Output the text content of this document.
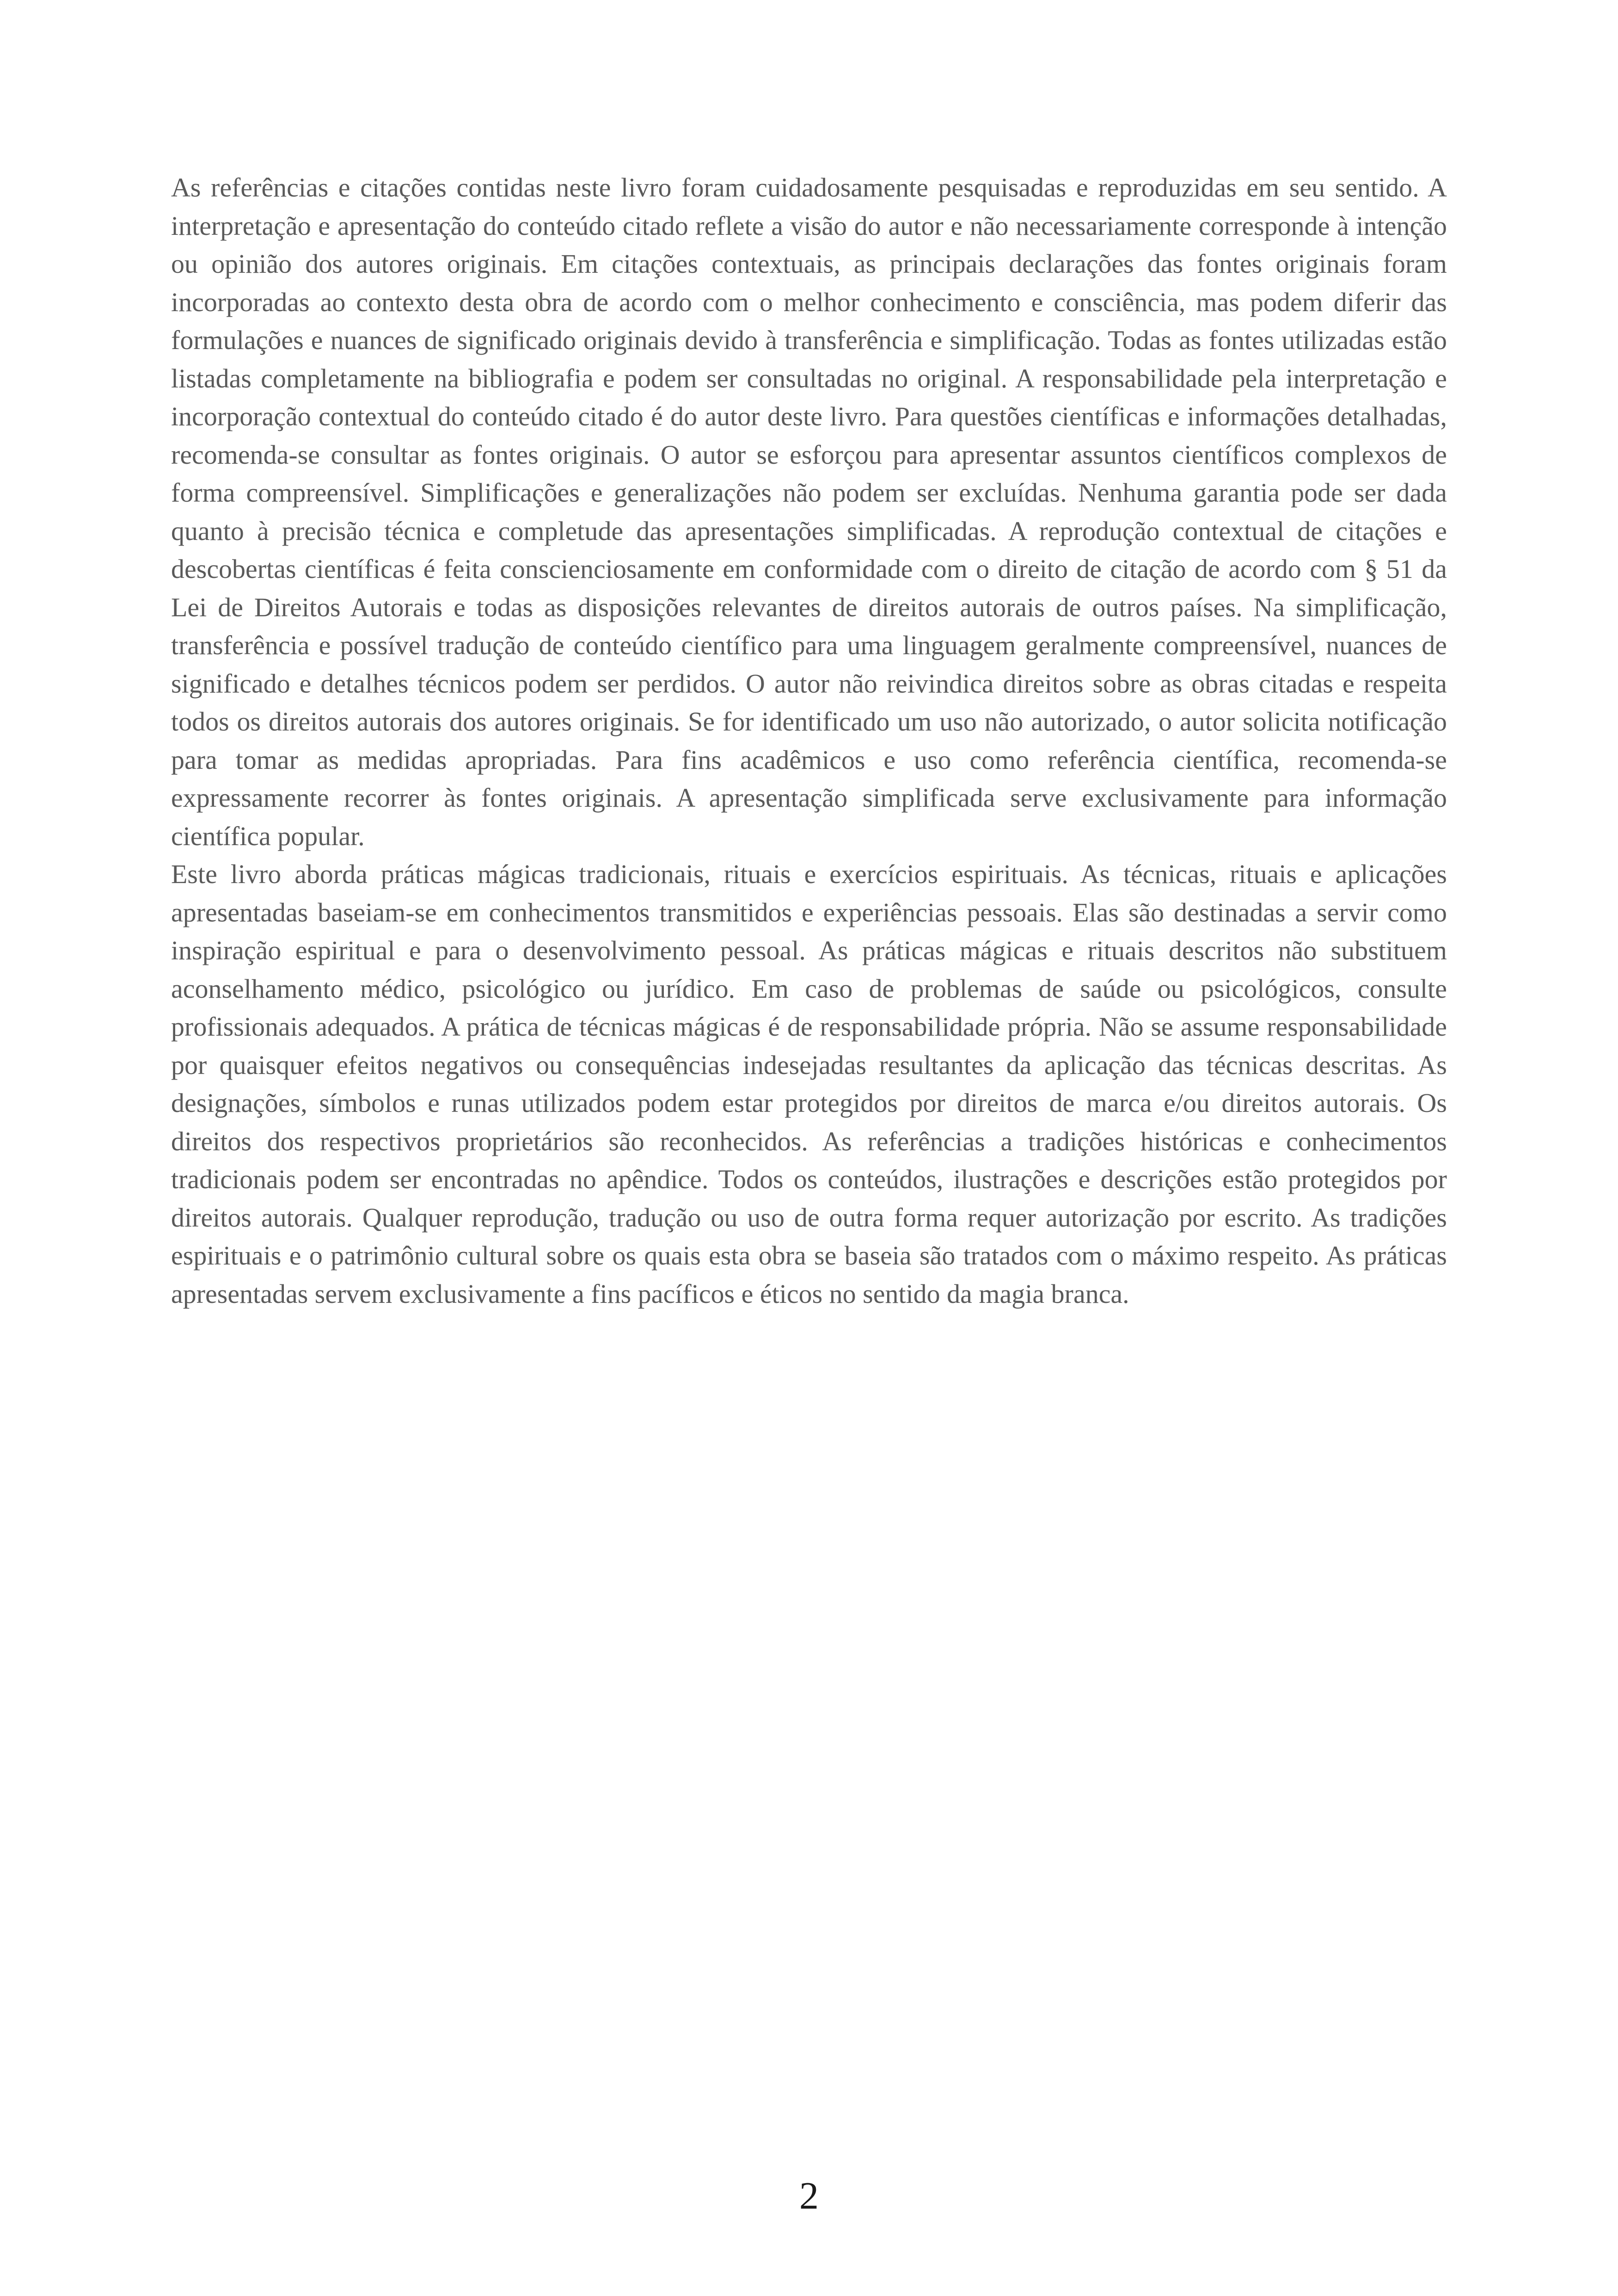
As referências e citações contidas neste livro foram cuidadosamente pesquisadas e reproduzidas em seu sentido. A interpretação e apresentação do conteúdo citado reflete a visão do autor e não necessariamente corresponde à intenção ou opinião dos autores originais. Em citações contextuais, as principais declarações das fontes originais foram incorporadas ao contexto desta obra de acordo com o melhor conhecimento e consciência, mas podem diferir das formulações e nuances de significado originais devido à transferência e simplificação. Todas as fontes utilizadas estão listadas completamente na bibliografia e podem ser consultadas no original. A responsabilidade pela interpretação e incorporação contextual do conteúdo citado é do autor deste livro. Para questões científicas e informações detalhadas, recomenda-se consultar as fontes originais. O autor se esforçou para apresentar assuntos científicos complexos de forma compreensível. Simplificações e generalizações não podem ser excluídas. Nenhuma garantia pode ser dada quanto à precisão técnica e completude das apresentações simplificadas. A reprodução contextual de citações e descobertas científicas é feita conscienciosamente em conformidade com o direito de citação de acordo com § 51 da Lei de Direitos Autorais e todas as disposições relevantes de direitos autorais de outros países. Na simplificação, transferência e possível tradução de conteúdo científico para uma linguagem geralmente compreensível, nuances de significado e detalhes técnicos podem ser perdidos. O autor não reivindica direitos sobre as obras citadas e respeita todos os direitos autorais dos autores originais. Se for identificado um uso não autorizado, o autor solicita notificação para tomar as medidas apropriadas. Para fins acadêmicos e uso como referência científica, recomenda-se expressamente recorrer às fontes originais. A apresentação simplificada serve exclusivamente para informação científica popular.

Este livro aborda práticas mágicas tradicionais, rituais e exercícios espirituais. As técnicas, rituais e aplicações apresentadas baseiam-se em conhecimentos transmitidos e experiências pessoais. Elas são destinadas a servir como inspiração espiritual e para o desenvolvimento pessoal. As práticas mágicas e rituais descritos não substituem aconselhamento médico, psicológico ou jurídico. Em caso de problemas de saúde ou psicológicos, consulte profissionais adequados. A prática de técnicas mágicas é de responsabilidade própria. Não se assume responsabilidade por quaisquer efeitos negativos ou consequências indesejadas resultantes da aplicação das técnicas descritas. As designações, símbolos e runas utilizados podem estar protegidos por direitos de marca e/ou direitos autorais. Os direitos dos respectivos proprietários são reconhecidos. As referências a tradições históricas e conhecimentos tradicionais podem ser encontradas no apêndice. Todos os conteúdos, ilustrações e descrições estão protegidos por direitos autorais. Qualquer reprodução, tradução ou uso de outra forma requer autorização por escrito. As tradições espirituais e o patrimônio cultural sobre os quais esta obra se baseia são tratados com o máximo respeito. As práticas apresentadas servem exclusivamente a fins pacíficos e éticos no sentido da magia branca.

2
